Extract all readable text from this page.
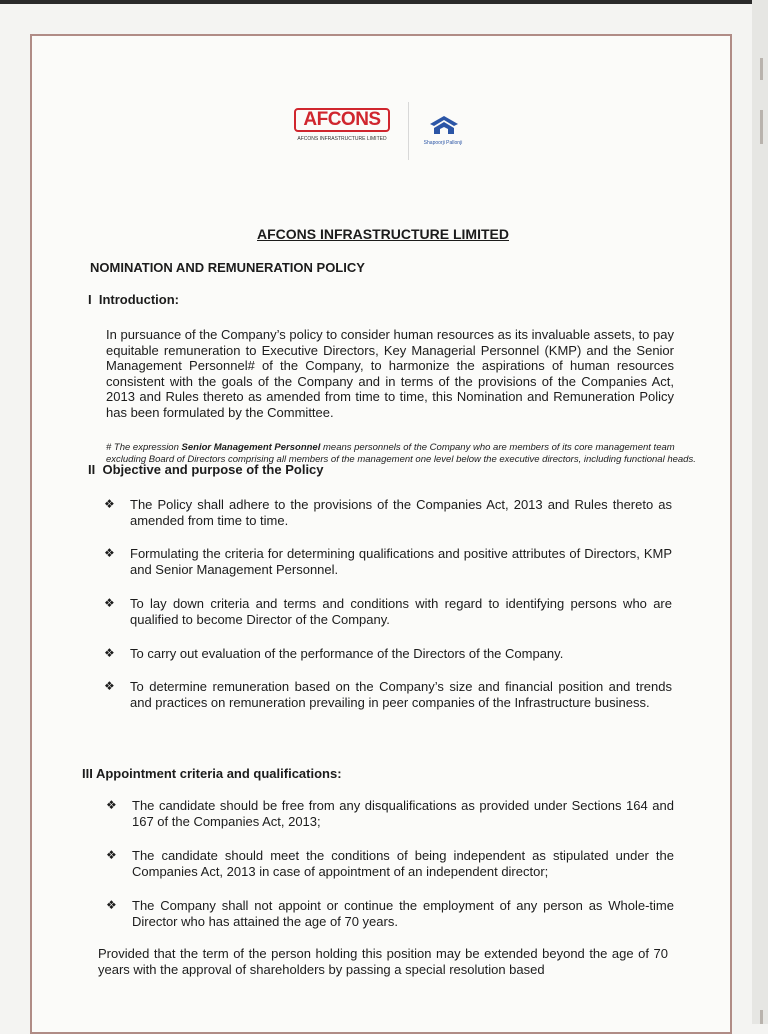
AFCONS
AFCONS INFRASTRUCTURE LIMITED
Shapoorji Pallonji
AFCONS INFRASTRUCTURE LIMITED
NOMINATION AND REMUNERATION POLICY
I Introduction:
In pursuance of the Company’s policy to consider human resources as its invaluable assets, to pay equitable remuneration to Executive Directors, Key Managerial Personnel (KMP) and the Senior Management Personnel# of the Company, to harmonize the aspirations of human resources consistent with the goals of the Company and in terms of the provisions of the Companies Act, 2013 and Rules thereto as amended from time to time, this Nomination and Remuneration Policy has been formulated by the Committee.
# The expression Senior Management Personnel means personnels of the Company who are members of its core management team excluding Board of Directors comprising all members of the management one level below the executive directors, including functional heads.
II Objective and purpose of the Policy
❖ The Policy shall adhere to the provisions of the Companies Act, 2013 and Rules thereto as amended from time to time.
❖ Formulating the criteria for determining qualifications and positive attributes of Directors, KMP and Senior Management Personnel.
❖ To lay down criteria and terms and conditions with regard to identifying persons who are qualified to become Director of the Company.
❖ To carry out evaluation of the performance of the Directors of the Company.
❖ To determine remuneration based on the Company’s size and financial position and trends and practices on remuneration prevailing in peer companies of the Infrastructure business.
III Appointment criteria and qualifications:
❖ The candidate should be free from any disqualifications as provided under Sections 164 and 167 of the Companies Act, 2013;
❖ The candidate should meet the conditions of being independent as stipulated under the Companies Act, 2013 in case of appointment of an independent director;
❖ The Company shall not appoint or continue the employment of any person as Whole-time Director who has attained the age of 70 years.
Provided that the term of the person holding this position may be extended beyond the age of 70 years with the approval of shareholders by passing a special resolution based
